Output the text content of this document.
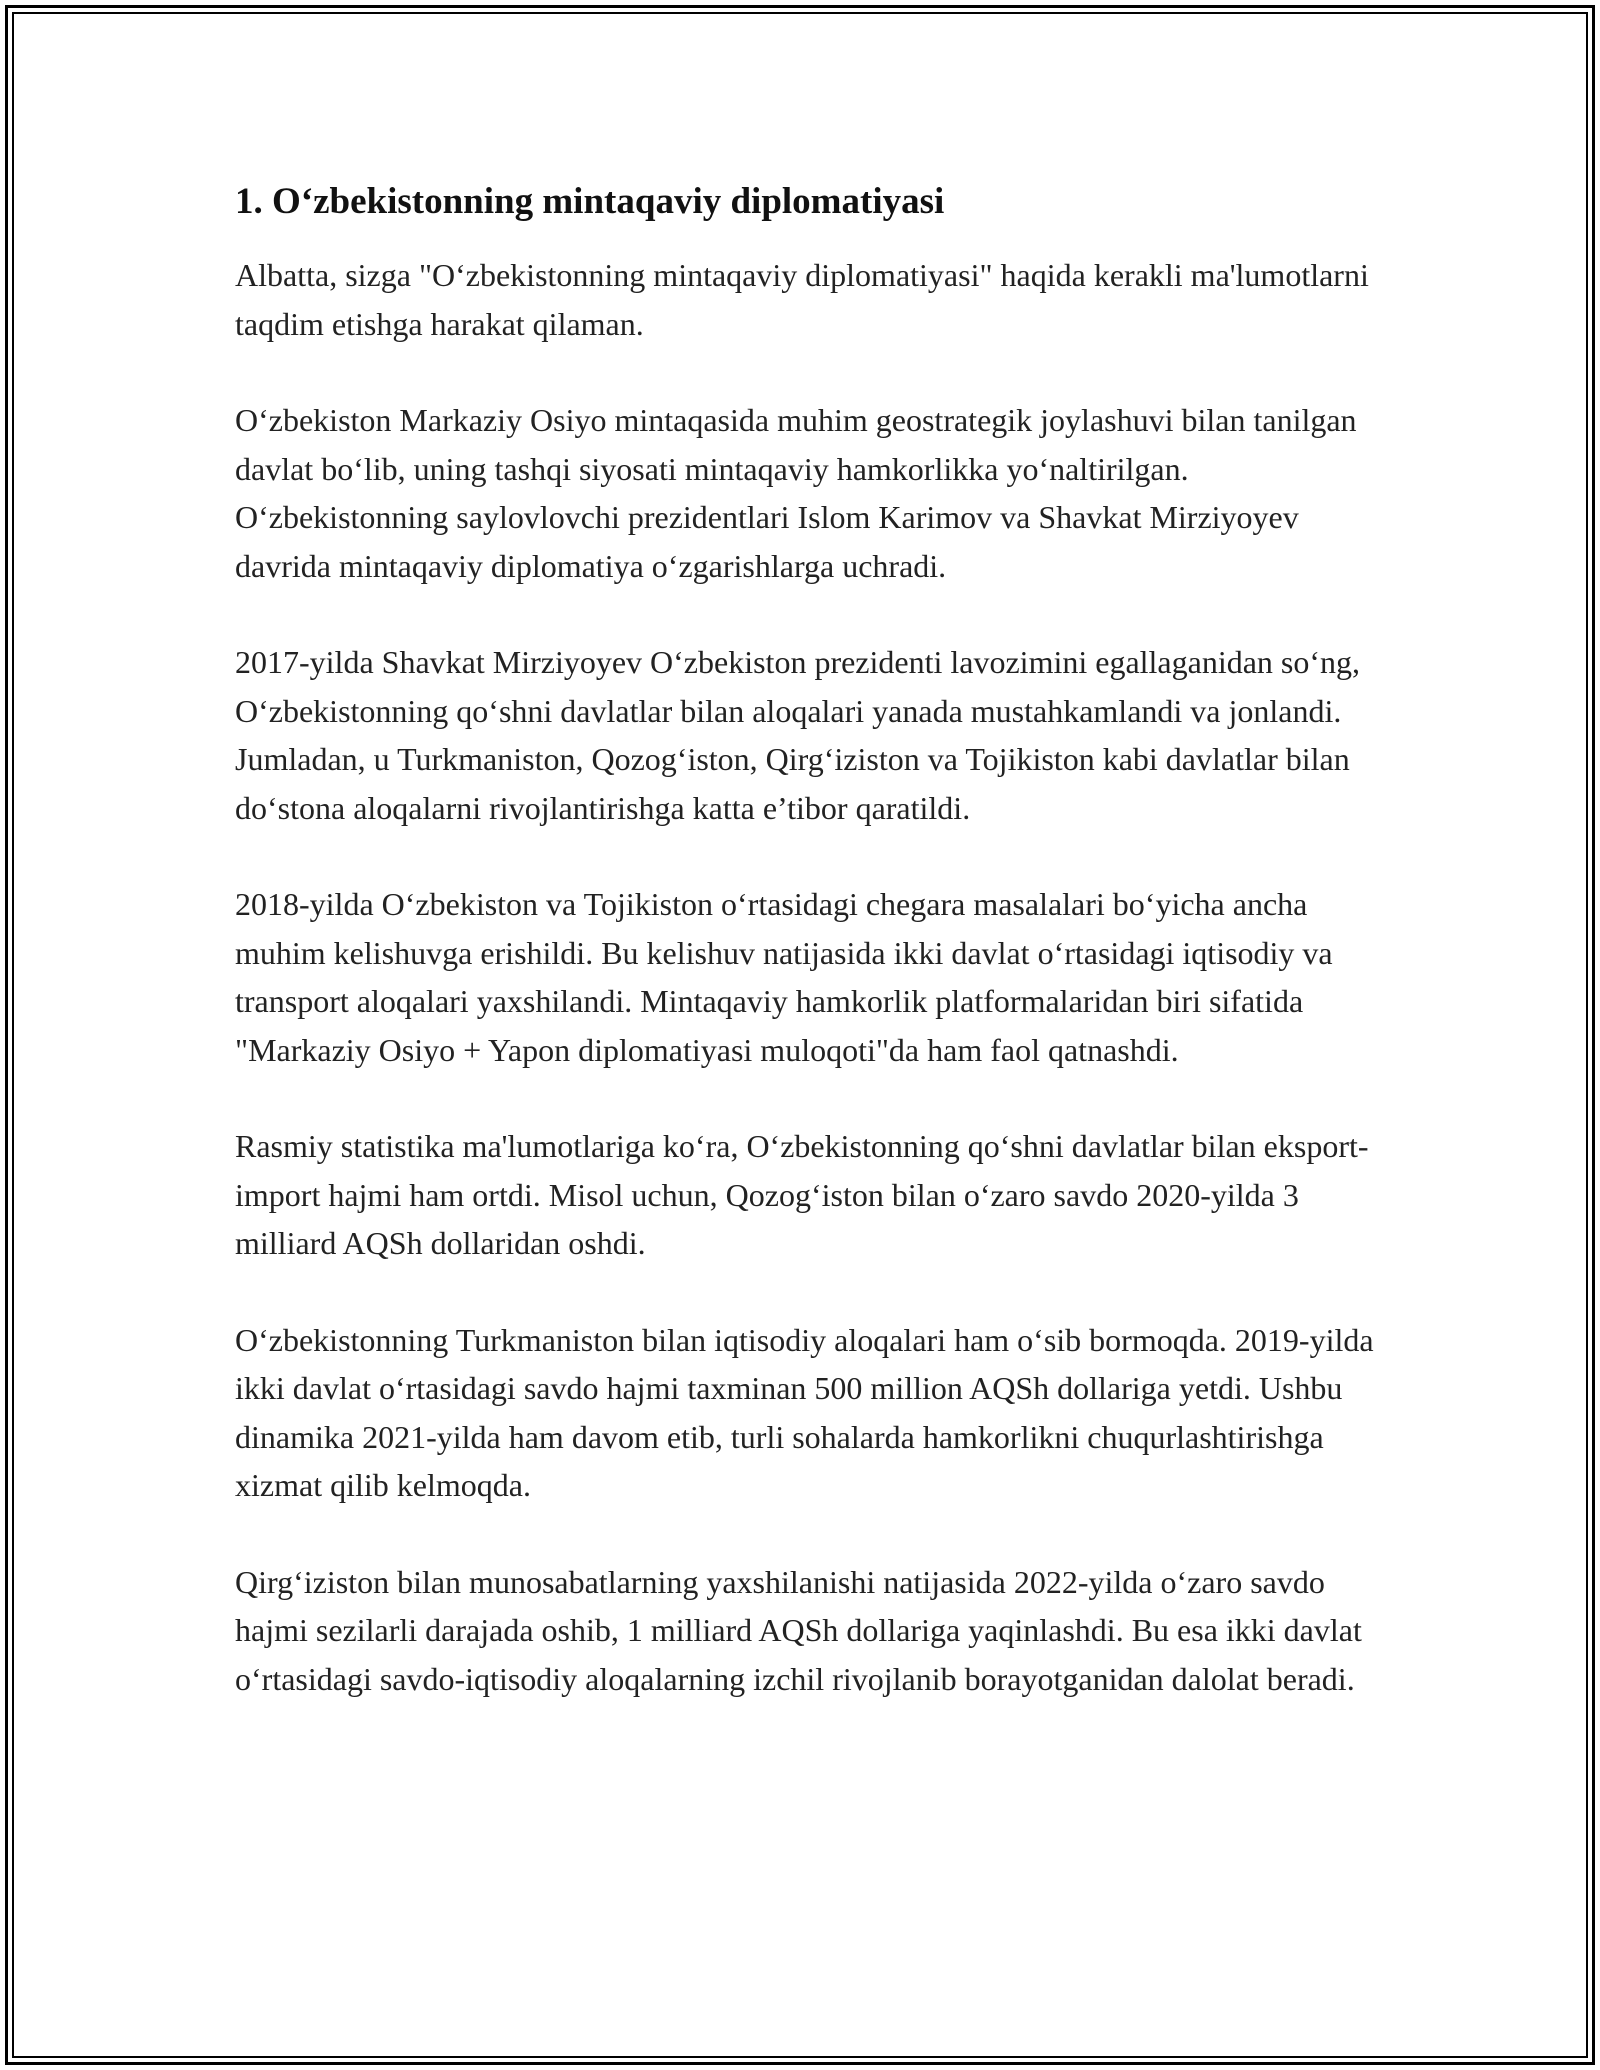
1. O‘zbekistonning mintaqaviy diplomatiyasi

Albatta, sizga "O‘zbekistonning mintaqaviy diplomatiyasi" haqida kerakli ma'lumotlarni taqdim etishga harakat qilaman.

O‘zbekiston Markaziy Osiyo mintaqasida muhim geostrategik joylashuvi bilan tanilgan davlat bo‘lib, uning tashqi siyosati mintaqaviy hamkorlikka yo‘naltirilgan. O‘zbekistonning saylovlovchi prezidentlari Islom Karimov va Shavkat Mirziyoyev davrida mintaqaviy diplomatiya o‘zgarishlarga uchradi.

2017-yilda Shavkat Mirziyoyev O‘zbekiston prezidenti lavozimini egallaganidan so‘ng, O‘zbekistonning qo‘shni davlatlar bilan aloqalari yanada mustahkamlandi va jonlandi. Jumladan, u Turkmaniston, Qozog‘iston, Qirg‘iziston va Tojikiston kabi davlatlar bilan do‘stona aloqalarni rivojlantirishga katta e’tibor qaratildi.

2018-yilda O‘zbekiston va Tojikiston o‘rtasidagi chegara masalalari bo‘yicha ancha muhim kelishuvga erishildi. Bu kelishuv natijasida ikki davlat o‘rtasidagi iqtisodiy va transport aloqalari yaxshilandi. Mintaqaviy hamkorlik platformalaridan biri sifatida "Markaziy Osiyo + Yapon diplomatiyasi muloqoti"da ham faol qatnashdi.

Rasmiy statistika ma'lumotlariga ko‘ra, O‘zbekistonning qo‘shni davlatlar bilan eksport-import hajmi ham ortdi. Misol uchun, Qozog‘iston bilan o‘zaro savdo 2020-yilda 3 milliard AQSh dollaridan oshdi.

O‘zbekistonning Turkmaniston bilan iqtisodiy aloqalari ham o‘sib bormoqda. 2019-yilda ikki davlat o‘rtasidagi savdo hajmi taxminan 500 million AQSh dollariga yetdi. Ushbu dinamika 2021-yilda ham davom etib, turli sohalarda hamkorlikni chuqurlashtirishga xizmat qilib kelmoqda.

Qirg‘iziston bilan munosabatlarning yaxshilanishi natijasida 2022-yilda o‘zaro savdo hajmi sezilarli darajada oshib, 1 milliard AQSh dollariga yaqinlashdi. Bu esa ikki davlat o‘rtasidagi savdo-iqtisodiy aloqalarning izchil rivojlanib borayotganidan dalolat beradi.
